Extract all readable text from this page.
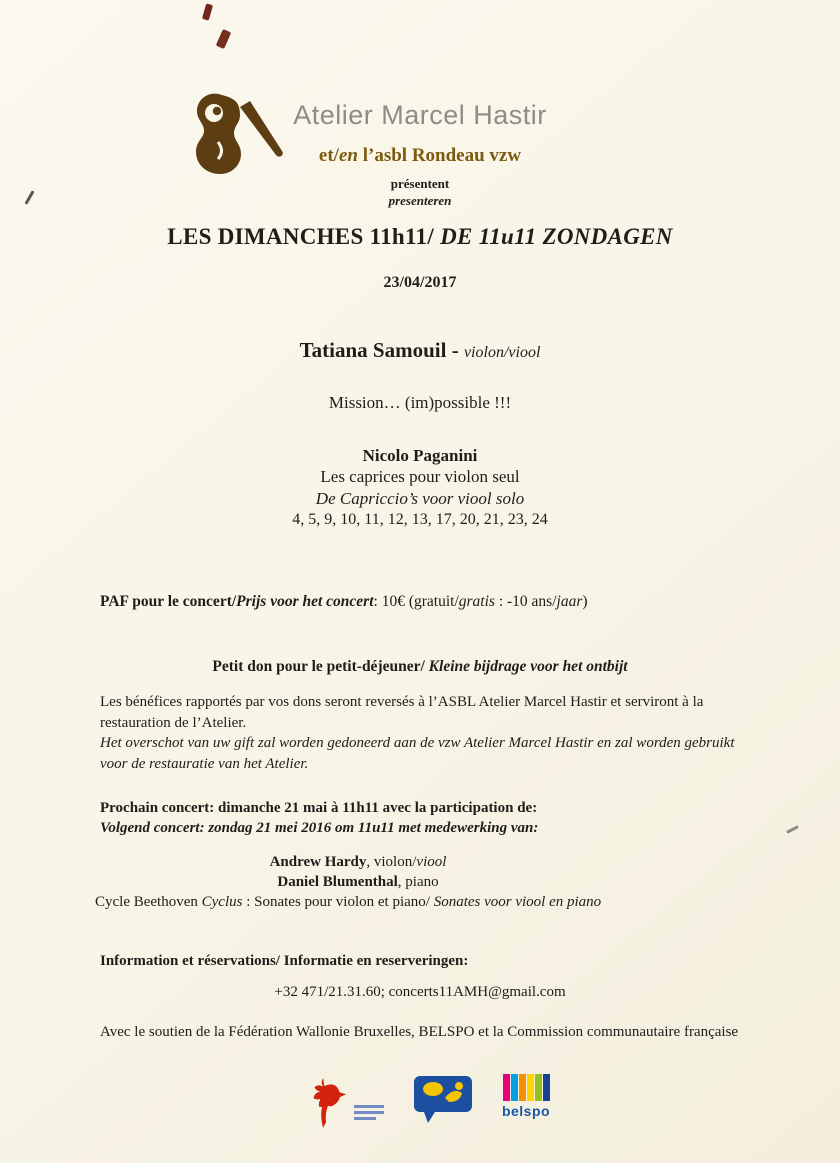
Atelier Marcel Hastir
et/en l’asbl Rondeau vzw
présentent
presenteren
LES DIMANCHES 11h11/ DE 11u11 ZONDAGEN
23/04/2017
Tatiana Samouil - violon/viool
Mission… (im)possible !!!
Nicolo Paganini
Les caprices pour violon seul
De Capriccio’s voor viool solo
4, 5, 9, 10, 11, 12, 13, 17, 20, 21, 23, 24
PAF pour le concert/Prijs voor het concert: 10€ (gratuit/gratis : -10 ans/jaar)
Petit don pour le petit-déjeuner/ Kleine bijdrage voor het ontbijt
Les bénéfices rapportés par vos dons seront reversés à l’ASBL Atelier Marcel Hastir et serviront à la restauration de l’Atelier.
Het overschot van uw gift zal worden gedoneerd aan de vzw Atelier Marcel Hastir en zal worden gebruikt voor de restauratie van het Atelier.
Prochain concert: dimanche 21 mai à 11h11 avec la participation de:
Volgend concert: zondag 21 mei 2016 om 11u11 met medewerking van:
Andrew Hardy, violon/viool
Daniel Blumenthal, piano
Cycle Beethoven Cyclus : Sonates pour violon et piano/ Sonates voor viool en piano
Information et réservations/ Informatie en reserveringen:
+32 471/21.31.60; concerts11AMH@gmail.com
Avec le soutien de la Fédération Wallonie Bruxelles, BELSPO et la Commission communautaire française
belspo
